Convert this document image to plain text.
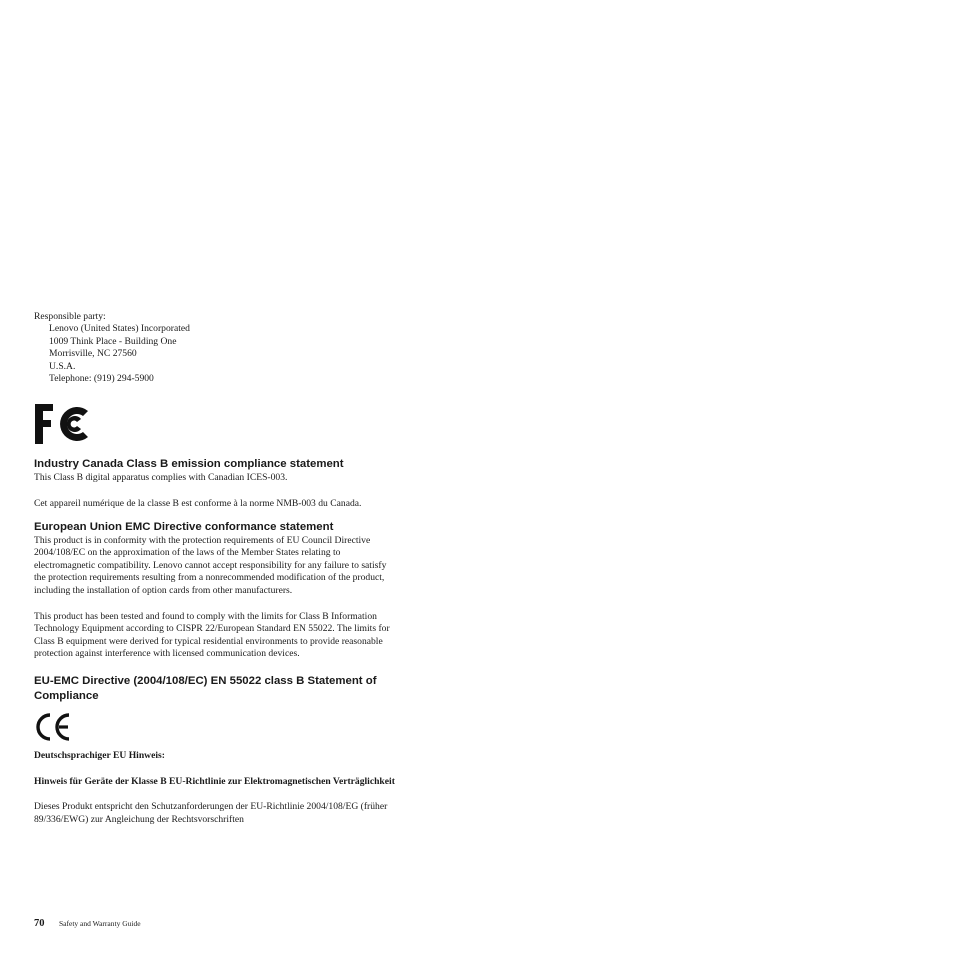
Responsible party:
Lenovo (United States) Incorporated
1009 Think Place - Building One
Morrisville, NC 27560
U.S.A.
Telephone: (919) 294-5900
Industry Canada Class B emission compliance statement

This Class B digital apparatus complies with Canadian ICES-003.

Cet appareil numérique de la classe B est conforme à la norme NMB-003 du Canada.

European Union EMC Directive conformance statement

This product is in conformity with the protection requirements of EU Council Directive 2004/108/EC on the approximation of the laws of the Member States relating to electromagnetic compatibility. Lenovo cannot accept responsibility for any failure to satisfy the protection requirements resulting from a nonrecommended modification of the product, including the installation of option cards from other manufacturers.

This product has been tested and found to comply with the limits for Class B Information Technology Equipment according to CISPR 22/European Standard EN 55022. The limits for Class B equipment were derived for typical residential environments to provide reasonable protection against interference with licensed communication devices.

EU-EMC Directive (2004/108/EC) EN 55022 class B Statement of Compliance

Deutschsprachiger EU Hinweis:

Hinweis für Geräte der Klasse B EU-Richtlinie zur Elektromagnetischen Verträglichkeit

Dieses Produkt entspricht den Schutzanforderungen der EU-Richtlinie 2004/108/EG (früher 89/336/EWG) zur Angleichung der Rechtsvorschriften

70 Safety and Warranty Guide
